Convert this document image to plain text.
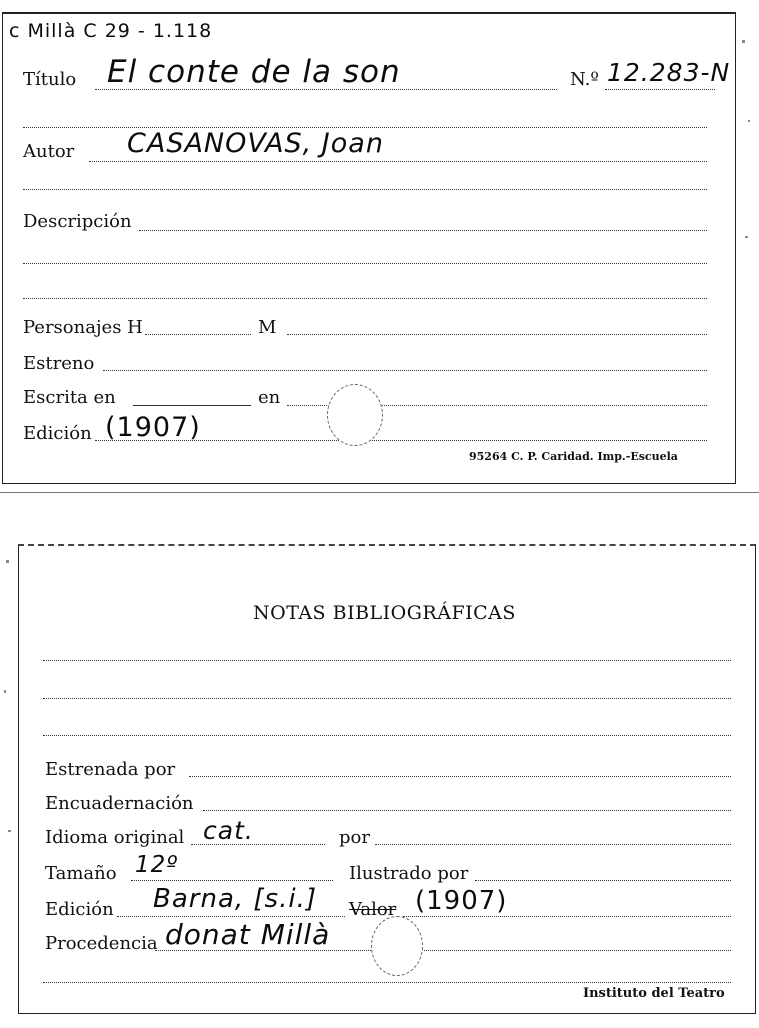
c Millà C 29 - 1.118
Título El conte de la son	N.º 12.283-N
Autor CASANOVAS, Joan
Descripción
Personajes H	M
Estreno
Escrita en	en
Edición (1907)
95264 C. P. Caridad. Imp.-Escuela
NOTAS BIBLIOGRÁFICAS
Estrenada por
Encuadernación
Idioma original cat.	por
Tamaño 12º	Ilustrado por
Edición Barna, [s.i.] Valor (1907)
Procedencia donat Millà
Instituto del Teatro
